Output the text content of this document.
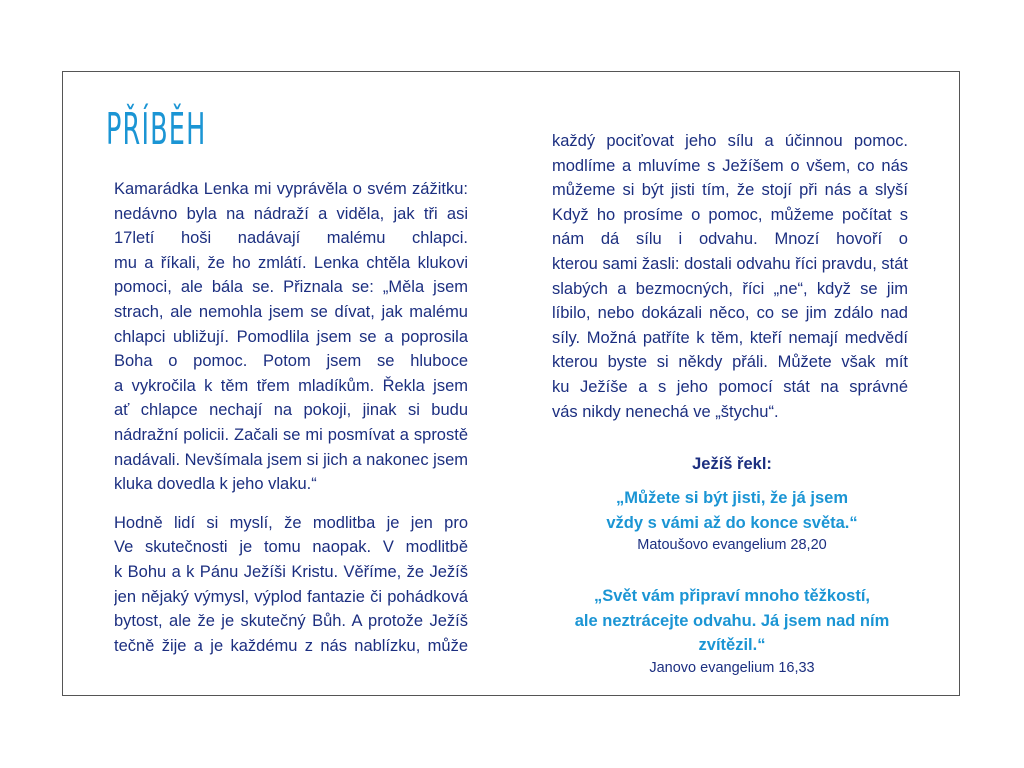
PŘÍBĚH

Kamarádka Lenka mi vyprávěla o svém zážitku:

nedávno byla na nádraží a viděla, jak tři asi

17letí hoši nadávají malému chlapci.

mu a říkali, že ho zmlátí. Lenka chtěla klukovi

pomoci, ale bála se. Přiznala se: „Měla jsem

strach, ale nemohla jsem se dívat, jak malému

chlapci ubližují. Pomodlila jsem se a poprosila

Boha o pomoc. Potom jsem se hluboce

a vykročila k těm třem mladíkům. Řekla jsem

ať chlapce nechají na pokoji, jinak si budu

nádražní policii. Začali se mi posmívat a sprostě

nadávali. Nevšímala jsem si jich a nakonec jsem

kluka dovedla k jeho vlaku.“

Hodně lidí si myslí, že modlitba je jen pro

Ve skutečnosti je tomu naopak. V modlitbě

k Bohu a k Pánu Ježíši Kristu. Věříme, že Ježíš

jen nějaký výmysl, výplod fantazie či pohádková

bytost, ale že je skutečný Bůh. A protože Ježíš

tečně žije a je každému z nás nablízku, může

každý pociťovat jeho sílu a účinnou pomoc.

modlíme a mluvíme s Ježíšem o všem, co nás

můžeme si být jisti tím, že stojí při nás a slyší

Když ho prosíme o pomoc, můžeme počítat s

nám dá sílu i odvahu. Mnozí hovoří o

kterou sami žasli: dostali odvahu říci pravdu, stát

slabých a bezmocných, říci „ne“, když se jim

líbilo, nebo dokázali něco, co se jim zdálo nad

síly. Možná patříte k těm, kteří nemají medvědí

kterou byste si někdy přáli. Můžete však mít

ku Ježíše a s jeho pomocí stát na správné

vás nikdy nenechá ve „štychu“.

Ježíš řekl:

„Můžete si být jisti, že já jsem

vždy s vámi až do konce světa.“

Matoušovo evangelium 28,20

„Svět vám připraví mnoho těžkostí,

ale neztrácejte odvahu. Já jsem nad ním zvítězil.“

Janovo evangelium 16,33
